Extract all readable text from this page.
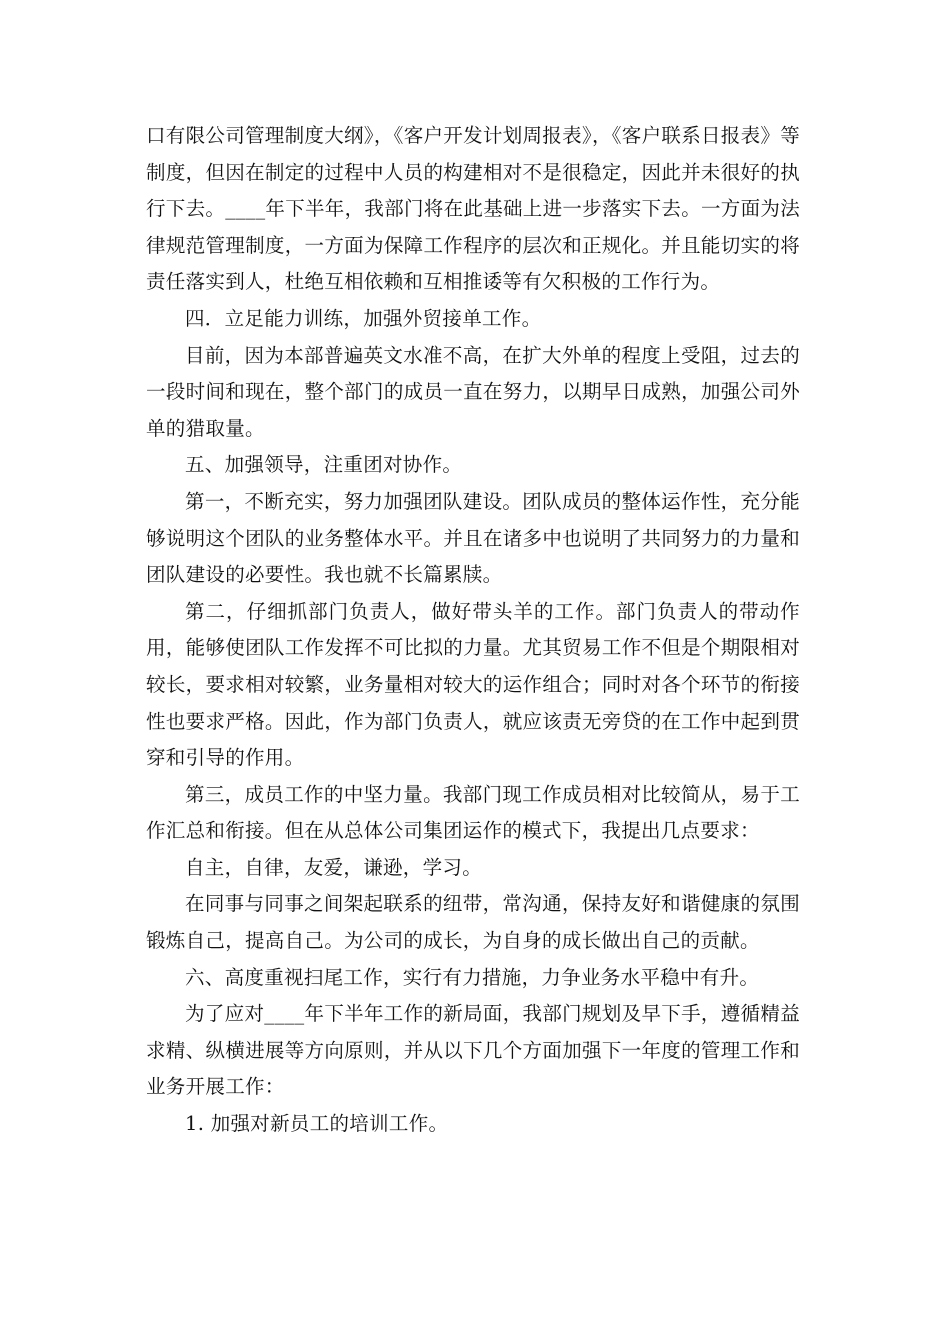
口有限公司管理制度大纲》，《客户开发计划周报表》，《客户联系日报表》等制度，但因在制定的过程中人员的构建相对不是很稳定，因此并未很好的执行下去。____年下半年，我部门将在此基础上进一步落实下去。一方面为法律规范管理制度，一方面为保障工作程序的层次和正规化。并且能切实的将责任落实到人，杜绝互相依赖和互相推诿等有欠积极的工作行为。

四．立足能力训练，加强外贸接单工作。

目前，因为本部普遍英文水准不高，在扩大外单的程度上受阻，过去的一段时间和现在，整个部门的成员一直在努力，以期早日成熟，加强公司外单的猎取量。

五、加强领导，注重团对协作。

第一，不断充实，努力加强团队建设。团队成员的整体运作性，充分能够说明这个团队的业务整体水平。并且在诸多中也说明了共同努力的力量和团队建设的必要性。我也就不长篇累牍。

第二，仔细抓部门负责人，做好带头羊的工作。部门负责人的带动作用，能够使团队工作发挥不可比拟的力量。尤其贸易工作不但是个期限相对较长，要求相对较繁，业务量相对较大的运作组合；同时对各个环节的衔接性也要求严格。因此，作为部门负责人，就应该责无旁贷的在工作中起到贯穿和引导的作用。

第三，成员工作的中坚力量。我部门现工作成员相对比较简从，易于工作汇总和衔接。但在从总体公司集团运作的模式下，我提出几点要求：

自主，自律，友爱，谦逊，学习。

在同事与同事之间架起联系的纽带，常沟通，保持友好和谐健康的氛围锻炼自己，提高自己。为公司的成长，为自身的成长做出自己的贡献。

六、高度重视扫尾工作，实行有力措施，力争业务水平稳中有升。

为了应对____年下半年工作的新局面，我部门规划及早下手，遵循精益求精、纵横进展等方向原则，并从以下几个方面加强下一年度的管理工作和业务开展工作：

1. 加强对新员工的培训工作。
